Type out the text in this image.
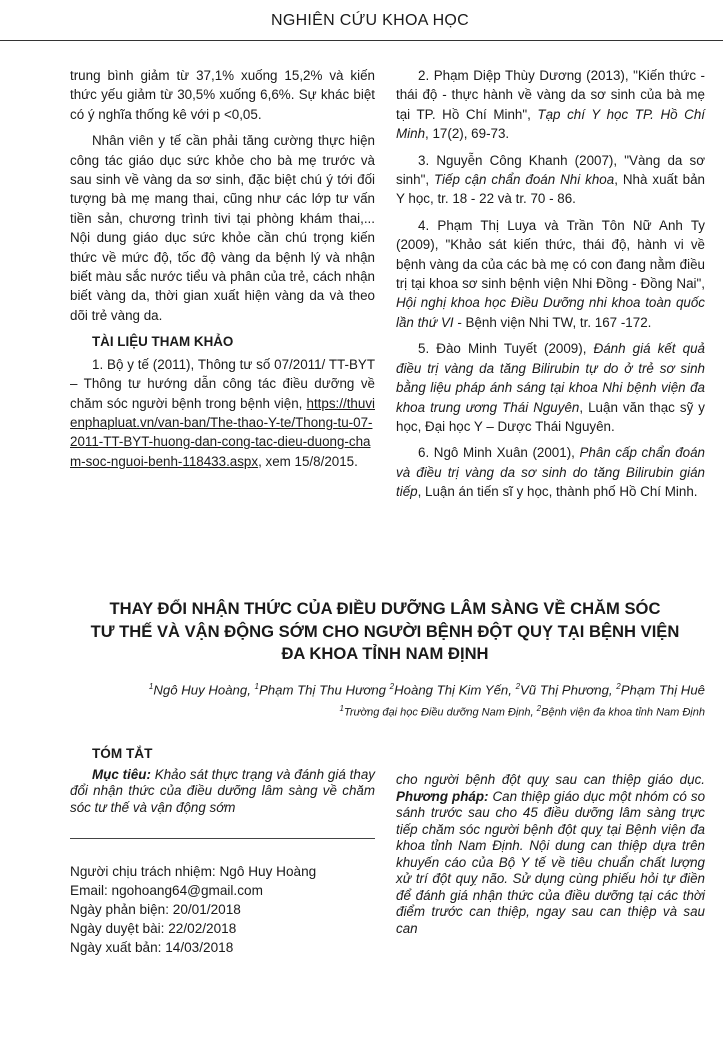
NGHIÊN CỨU KHOA HỌC

trung bình giảm từ 37,1% xuống 15,2% và kiến thức yếu giảm từ 30,5% xuống 6,6%. Sự khác biệt có ý nghĩa thống kê với p <0,05.

Nhân viên y tế cần phải tăng cường thực hiện công tác giáo dục sức khỏe cho bà mẹ trước và sau sinh về vàng da sơ sinh, đặc biệt chú ý tới đối tượng bà mẹ mang thai, cũng như các lớp tư vấn tiền sản, chương trình tivi tại phòng khám thai,... Nội dung giáo dục sức khỏe cần chú trọng kiến thức về mức độ, tốc độ vàng da bệnh lý và nhận biết màu sắc nước tiểu và phân của trẻ, cách nhận biết vàng da, thời gian xuất hiện vàng da và theo dõi trẻ vàng da.

TÀI LIỆU THAM KHẢO

1. Bộ y tế (2011), Thông tư số 07/2011/ TT-BYT – Thông tư hướng dẫn công tác điều dưỡng về chăm sóc người bệnh trong bệnh viện, https://thuvienphapluat.vn/van-ban/The-thao-Y-te/Thong-tu-07-2011-TT-BYT-huong-dan-cong-tac-dieu-duong-cham-soc-nguoi-benh-118433.aspx, xem 15/8/2015.

2. Phạm Diệp Thùy Dương (2013), "Kiến thức - thái độ - thực hành về vàng da sơ sinh của bà mẹ tại TP. Hồ Chí Minh", Tạp chí Y học TP. Hồ Chí Minh, 17(2), 69-73.

3. Nguyễn Công Khanh (2007), "Vàng da sơ sinh", Tiếp cận chẩn đoán Nhi khoa, Nhà xuất bản Y học, tr. 18 - 22 và tr. 70 - 86.

4. Phạm Thị Luya và Trần Tôn Nữ Anh Ty (2009), "Khảo sát kiến thức, thái độ, hành vi về bệnh vàng da của các bà mẹ có con đang nằm điều trị tại khoa sơ sinh bệnh viện Nhi Đồng - Đồng Nai", Hội nghị khoa học Điều Dưỡng nhi khoa toàn quốc lần thứ VI - Bệnh viện Nhi TW, tr. 167 -172.

5. Đào Minh Tuyết (2009), Đánh giá kết quả điều trị vàng da tăng Bilirubin tự do ở trẻ sơ sinh bằng liệu pháp ánh sáng tại khoa Nhi bệnh viện đa khoa trung ương Thái Nguyên, Luận văn thạc sỹ y học, Đại học Y – Dược Thái Nguyên.

6. Ngô Minh Xuân (2001), Phân cấp chẩn đoán và điều trị vàng da sơ sinh do tăng Bilirubin gián tiếp, Luận án tiến sĩ y học, thành phố Hồ Chí Minh.

THAY ĐỔI NHẬN THỨC CỦA ĐIỀU DƯỠNG LÂM SÀNG VỀ CHĂM SÓC
TƯ THẾ VÀ VẬN ĐỘNG SỚM CHO NGƯỜI BỆNH ĐỘT QUỴ TẠI BỆNH VIỆN
ĐA KHOA TỈNH NAM ĐỊNH
$^1$Ngô Huy Hoàng, $^1$Phạm Thị Thu Hương $^2$Hoàng Thị Kim Yến, $^2$Vũ Thị Phương, $^2$Phạm Thị Huê
$^1$Trường đại học Điều dưỡng Nam Định, $^2$Bệnh viện đa khoa tỉnh Nam Định
TÓM TẮT

Mục tiêu: Khảo sát thực trạng và đánh giá thay đổi nhận thức của điều dưỡng lâm sàng về chăm sóc tư thế và vận động sớm

Người chịu trách nhiệm: Ngô Huy Hoàng
Email: ngohoang64@gmail.com
Ngày phản biện: 20/01/2018
Ngày duyệt bài: 22/02/2018
Ngày xuất bản: 14/03/2018

cho người bệnh đột quỵ sau can thiệp giáo dục. Phương pháp: Can thiệp giáo dục một nhóm có so sánh trước sau cho 45 điều dưỡng lâm sàng trực tiếp chăm sóc người bệnh đột quỵ tại Bệnh viện đa khoa tỉnh Nam Định. Nội dung can thiệp dựa trên khuyến cáo của Bộ Y tế về tiêu chuẩn chất lượng xử trí đột quỵ não. Sử dụng cùng phiếu hỏi tự điền để đánh giá nhận thức của điều dưỡng tại các thời điểm trước can thiệp, ngay sau can thiệp và sau can
